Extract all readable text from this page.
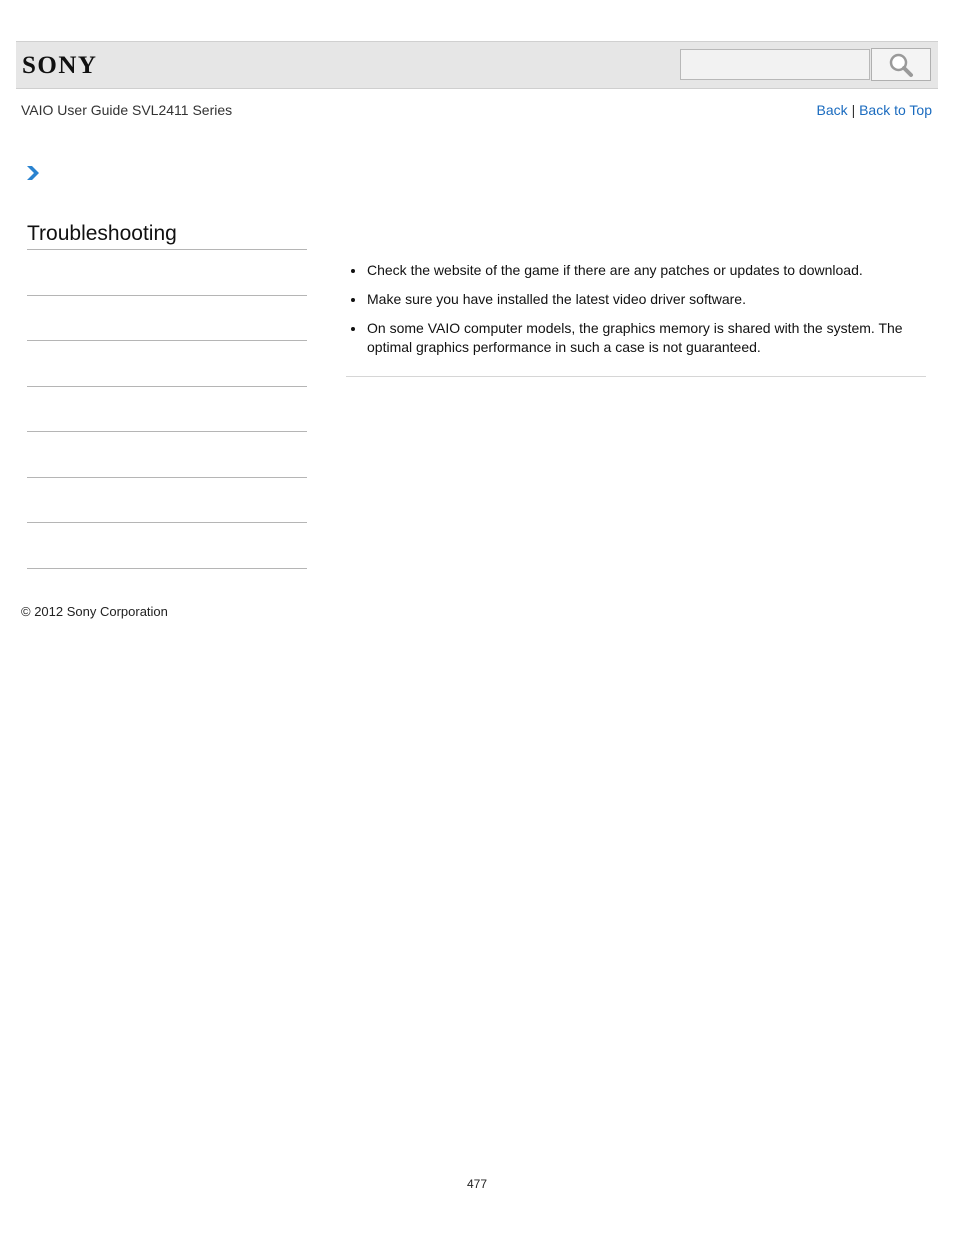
SONY
VAIO User Guide SVL2411 Series	Back | Back to Top
Troubleshooting
Check the website of the game if there are any patches or updates to download.
Make sure you have installed the latest video driver software.
On some VAIO computer models, the graphics memory is shared with the system. The optimal graphics performance in such a case is not guaranteed.
© 2012 Sony Corporation
477
